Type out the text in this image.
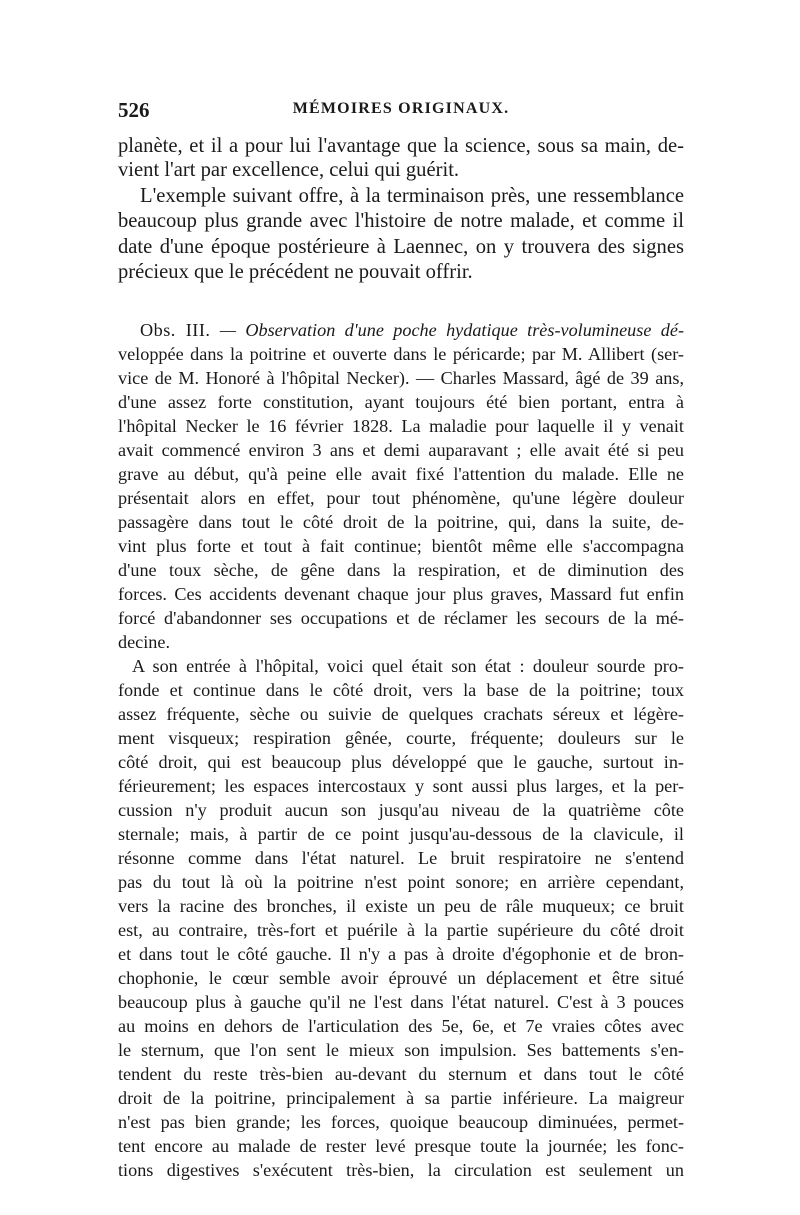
526	MÉMOIRES ORIGINAUX.
planète, et il a pour lui l'avantage que la science, sous sa main, de-
vient l'art par excellence, celui qui guérit.
L'exemple suivant offre, à la terminaison près, une ressemblance
beaucoup plus grande avec l'histoire de notre malade, et comme il
date d'une époque postérieure à Laennec, on y trouvera des signes
précieux que le précédent ne pouvait offrir.
Obs. III. — Observation d'une poche hydatique très-volumineuse dé-
veloppée dans la poitrine et ouverte dans le péricarde; par M. Allibert (ser-
vice de M. Honoré à l'hôpital Necker). — Charles Massard, âgé de 39 ans,
d'une assez forte constitution, ayant toujours été bien portant, entra à
l'hôpital Necker le 16 février 1828. La maladie pour laquelle il y venait
avait commencé environ 3 ans et demi auparavant ; elle avait été si peu
grave au début, qu'à peine elle avait fixé l'attention du malade. Elle ne
présentait alors en effet, pour tout phénomène, qu'une légère douleur
passagère dans tout le côté droit de la poitrine, qui, dans la suite, de-
vint plus forte et tout à fait continue; bientôt même elle s'accompagna
d'une toux sèche, de gêne dans la respiration, et de diminution des
forces. Ces accidents devenant chaque jour plus graves, Massard fut enfin
forcé d'abandonner ses occupations et de réclamer les secours de la mé-
decine.
A son entrée à l'hôpital, voici quel était son état : douleur sourde pro-
fonde et continue dans le côté droit, vers la base de la poitrine; toux
assez fréquente, sèche ou suivie de quelques crachats séreux et légère-
ment visqueux; respiration gênée, courte, fréquente; douleurs sur le
côté droit, qui est beaucoup plus développé que le gauche, surtout in-
férieurement; les espaces intercostaux y sont aussi plus larges, et la per-
cussion n'y produit aucun son jusqu'au niveau de la quatrième côte
sternale; mais, à partir de ce point jusqu'au-dessous de la clavicule, il
résonne comme dans l'état naturel. Le bruit respiratoire ne s'entend
pas du tout là où la poitrine n'est point sonore; en arrière cependant,
vers la racine des bronches, il existe un peu de râle muqueux; ce bruit
est, au contraire, très-fort et puérile à la partie supérieure du côté droit
et dans tout le côté gauche. Il n'y a pas à droite d'égophonie et de bron-
chophonie, le cœur semble avoir éprouvé un déplacement et être situé
beaucoup plus à gauche qu'il ne l'est dans l'état naturel. C'est à 3 pouces
au moins en dehors de l'articulation des 5e, 6e, et 7e vraies côtes avec
le sternum, que l'on sent le mieux son impulsion. Ses battements s'en-
tendent du reste très-bien au-devant du sternum et dans tout le côté
droit de la poitrine, principalement à sa partie inférieure. La maigreur
n'est pas bien grande; les forces, quoique beaucoup diminuées, permet-
tent encore au malade de rester levé presque toute la journée; les fonc-
tions digestives s'exécutent très-bien, la circulation est seulement un
